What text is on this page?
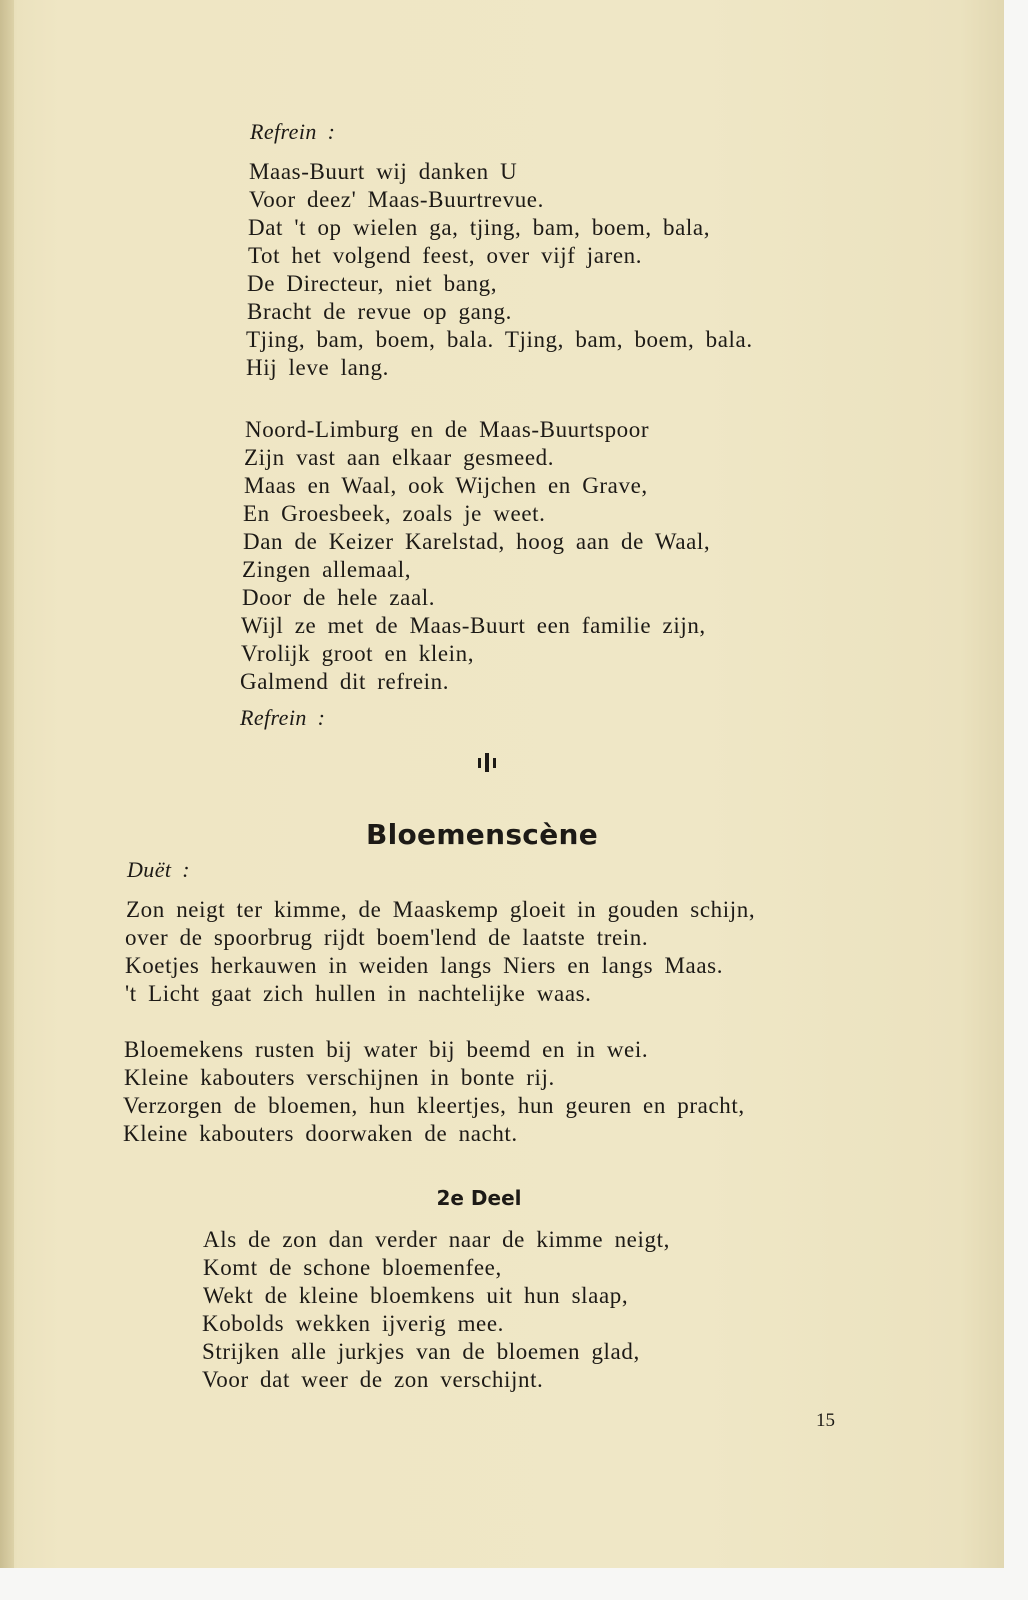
Refrein :
Maas-Buurt wij danken U
Voor deez' Maas-Buurtrevue.
Dat 't op wielen ga, tjing, bam, boem, bala,
Tot het volgend feest, over vijf jaren.
De Directeur, niet bang,
Bracht de revue op gang.
Tjing, bam, boem, bala. Tjing, bam, boem, bala.
Hij leve lang.
Noord-Limburg en de Maas-Buurtspoor
Zijn vast aan elkaar gesmeed.
Maas en Waal, ook Wijchen en Grave,
En Groesbeek, zoals je weet.
Dan de Keizer Karelstad, hoog aan de Waal,
Zingen allemaal,
Door de hele zaal.
Wijl ze met de Maas-Buurt een familie zijn,
Vrolijk groot en klein,
Galmend dit refrein.
Refrein :
Bloemenscène
Duët :
Zon neigt ter kimme, de Maaskemp gloeit in gouden schijn,
over de spoorbrug rijdt boem'lend de laatste trein.
Koetjes herkauwen in weiden langs Niers en langs Maas.
't Licht gaat zich hullen in nachtelijke waas.
Bloemekens rusten bij water bij beemd en in wei.
Kleine kabouters verschijnen in bonte rij.
Verzorgen de bloemen, hun kleertjes, hun geuren en pracht,
Kleine kabouters doorwaken de nacht.
2e Deel
Als de zon dan verder naar de kimme neigt,
Komt de schone bloemenfee,
Wekt de kleine bloemkens uit hun slaap,
Kobolds wekken ijverig mee.
Strijken alle jurkjes van de bloemen glad,
Voor dat weer de zon verschijnt.
15
